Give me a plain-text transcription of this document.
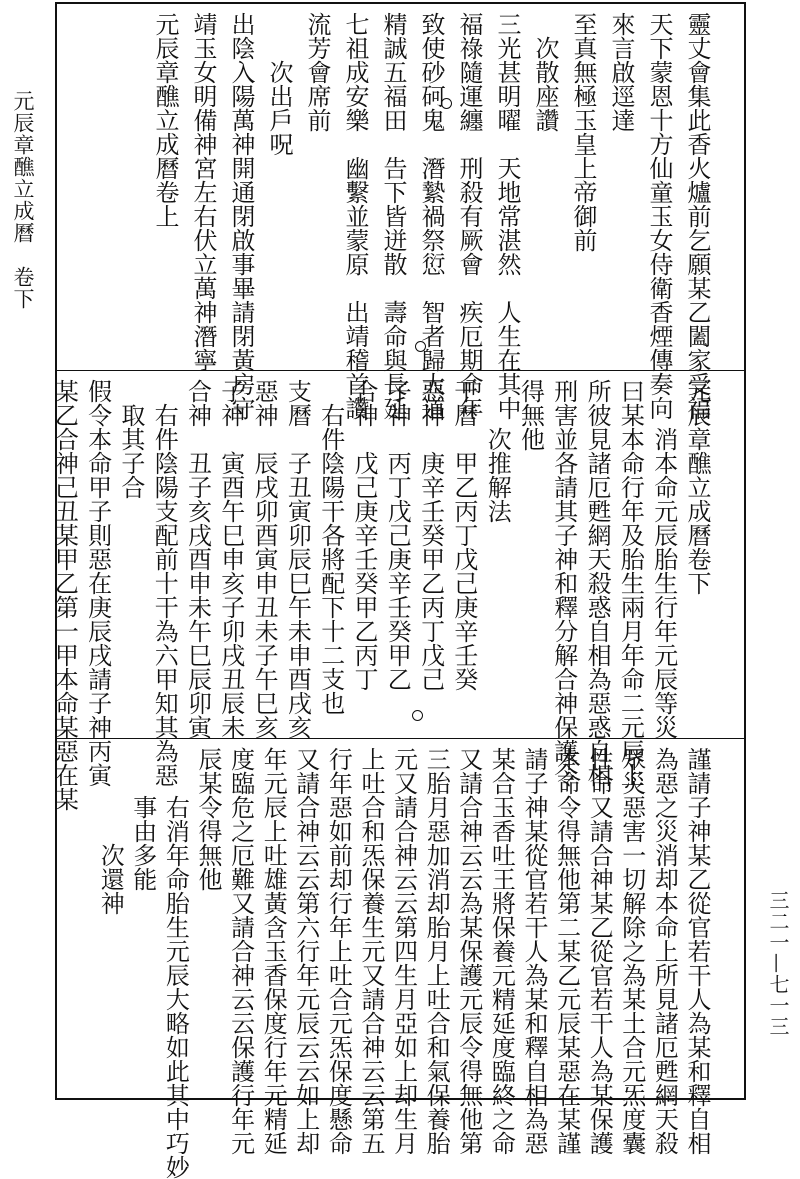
元辰章醮立成曆　卷下
三二一—七一三
靈丈會集此香火爐前乞願某乙闔家受福
天下蒙恩十方仙童玉女侍衛香煙傳奏向
來言啟逕達
至真無極玉皇上帝御前
次散座讚
三光甚明曜　天地常湛然　人生在其中
福祿隨運纏　刑殺有厥會　疾厄期命年
致使砂砢鬼　潛縶禍祭愆　智者歸大道
精誠五福田　告下皆迸散　壽命與長延
七祖成安樂　幽繫並蒙原　出靖稽首讚
流芳會席前
次出戶呪
出陰入陽萬神開通閉啟事畢請閉黃房守
靖玉女明備神宮左右伏立萬神潛寧
元辰章醮立成曆卷上
元辰章醮立成曆卷下
消本命元辰胎生行年元辰等災
曰某本命行年及胎生兩月年命二元辰上
所彼見諸厄甦網天殺惑自相為惡惑自相
刑害並各請其子神和釋分解合神保護令
得無他
次推解法
干曆　甲乙丙丁戊己庚辛壬癸
惡神　庚辛壬癸甲乙丙丁戊己
子神　丙丁戊己庚辛壬癸甲乙
合神　戊己庚辛壬癸甲乙丙丁
右件陰陽干各將配下十二支也
支曆　子丑寅卯辰巳午未申酉戌亥
惡神　辰戌卯酉寅申丑未子午巳亥
子神　寅酉午巳申亥子卯戌丑辰未
合神　丑子亥戌酉申未午巳辰卯寅
右件陰陽支配前十干為六甲知其為惡
取其子合
假令本命甲子則惡在庚辰戌請子神丙寅
某乙合神己丑某甲乙第一甲本命某惡在某
謹請子神某乙從官若干人為某和釋自相
為惡之災消却本命上所見諸厄甦網天殺
眾災惡害一切解除之為某土合元炁度囊
性命又請合神某乙從官若干人為某保護
本命令得無他第二某乙元辰某惡在某謹
請子神某從官若干人為某和釋自相為惡
某合玉香吐王將保養元精延度臨終之命
又請合神云云為某保護元辰令得無他第
三胎月惡加消却胎月上吐合和氣保養胎
元又請合神云云第四生月亞如上却生月
上吐合和炁保養生元又請合神云云第五
行年惡如前却行年上吐合元炁保度懸命
又請合神云云第六行年元辰云云如上却
年元辰上吐雄黃含玉香保度行年元精延
度臨危之厄難又請合神云云保護行年元
辰某令得無他
右消年命胎生元辰大略如此其中巧妙
事由多能
次還神
